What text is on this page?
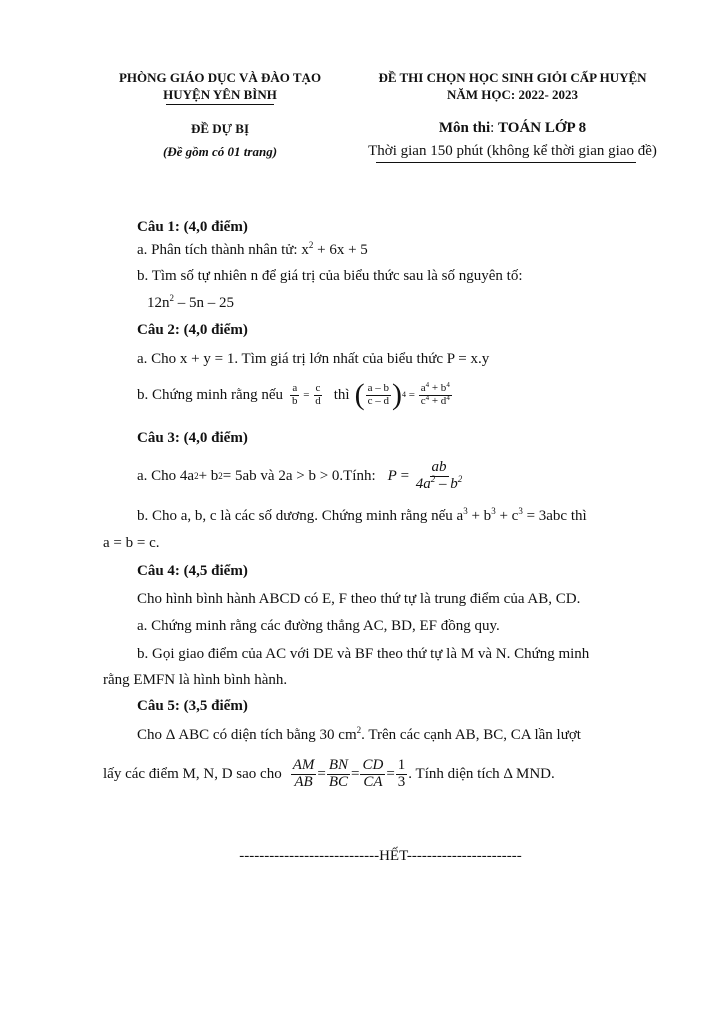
PHÒNG GIÁO DỤC VÀ ĐÀO TẠO
HUYỆN YÊN BÌNH
ĐỀ DỰ BỊ
(Đề gồm có 01 trang)
ĐỀ THI CHỌN HỌC SINH GIỎI CẤP HUYỆN
NĂM HỌC: 2022- 2023
Môn thi: TOÁN LỚP 8
Thời gian 150 phút (không kể thời gian giao đề)
Câu 1: (4,0 điểm)
a. Phân tích thành nhân tử: $x^2 + 6x + 5$
b. Tìm số tự nhiên n để giá trị của biểu thức sau là số nguyên tố:
$12n^2 - 5n - 25$
Câu 2: (4,0 điểm)
a. Cho x + y = 1. Tìm giá trị lớn nhất của biểu thức P = x.y
b. Chứng minh rằng nếu $\frac{a}{b} = \frac{c}{d}$ thì ( $\frac{a - b}{c - d}$ ) $4 = \frac{a^4 + b^4}{c^4 + d^4}$
Câu 3: (4,0 điểm)
a. Cho 4a 2 + b 2 = 5ab và 2a > b > 0.Tính: $P = \frac{ab}{4a^2 - b^2}$
b. Cho a, b, c là các số dương. Chứng minh rằng nếu $a^3 + b^3 + c^3 = 3abc$ thì
a = b = c.
Câu 4: (4,5 điểm)
Cho hình bình hành ABCD có E, F theo thứ tự là trung điểm của AB, CD.
a. Chứng minh rằng các đường thẳng AC, BD, EF đồng quy.
b. Gọi giao điểm của AC với DE và BF theo thứ tự là M và N. Chứng minh
rằng EMFN là hình bình hành.
Câu 5: (3,5 điểm)
Cho Δ ABC có diện tích bằng 30 $cm^2$. Trên các cạnh AB, BC, CA lần lượt
lấy các điểm M, N, D sao cho $\frac{AM}{AB} = \frac{BN}{BC} = \frac{CD}{CA} = \frac{1}{3}$ . Tính diện tích Δ MND.
----------------------------HẾT-----------------------
